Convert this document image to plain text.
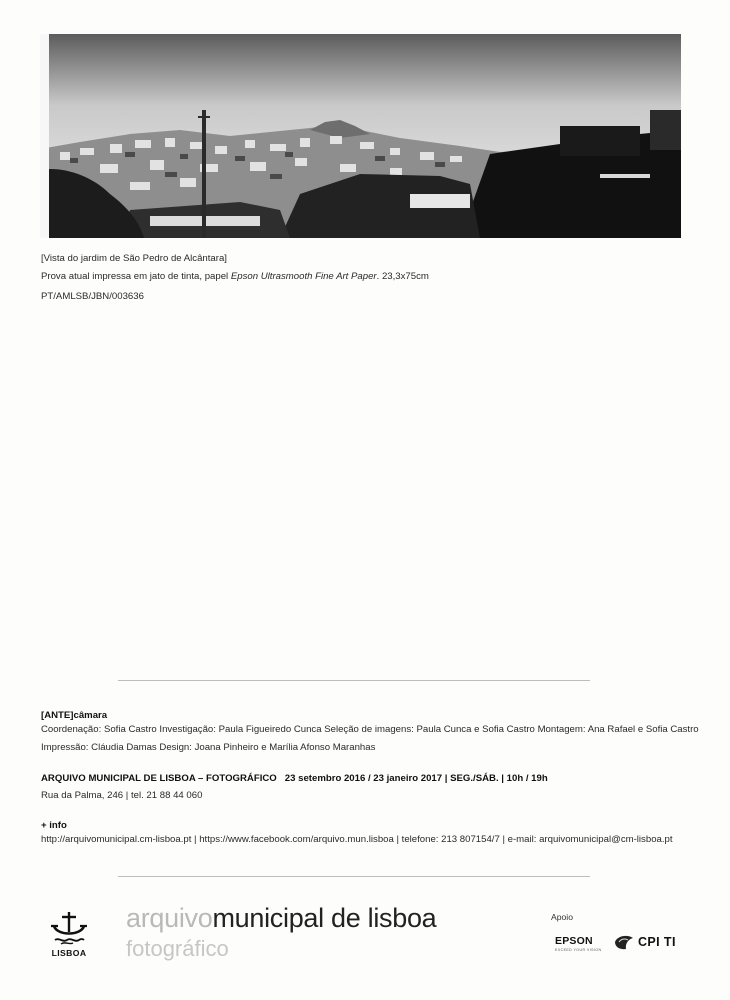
[Vista do jardim de São Pedro de Alcântara]
Prova atual impressa em jato de tinta, papel Epson Ultrasmooth Fine Art Paper. 23,3x75cm
PT/AMLSB/JBN/003636
[ANTE]câmara
Coordenação: Sofia Castro Investigação: Paula Figueiredo Cunca Seleção de imagens: Paula Cunca e Sofia Castro Montagem: Ana Rafael e Sofia Castro
Impressão: Cláudia Damas Design: Joana Pinheiro e Marília Afonso Maranhas
ARQUIVO MUNICIPAL DE LISBOA – FOTOGRÁFICO 23 setembro 2016 / 23 janeiro 2017 | SEG./SÁB. | 10h / 19h
Rua da Palma, 246 | tel. 21 88 44 060
+ info
http://arquivomunicipal.cm-lisboa.pt | https://www.facebook.com/arquivo.mun.lisboa | telefone: 213 807154/7 | e-mail: arquivomunicipal@cm-lisboa.pt
LISBOA
arquivomunicipal de lisboa
fotográfico
Apoio
EPSON
EXCEED YOUR VISION
CPI TI
